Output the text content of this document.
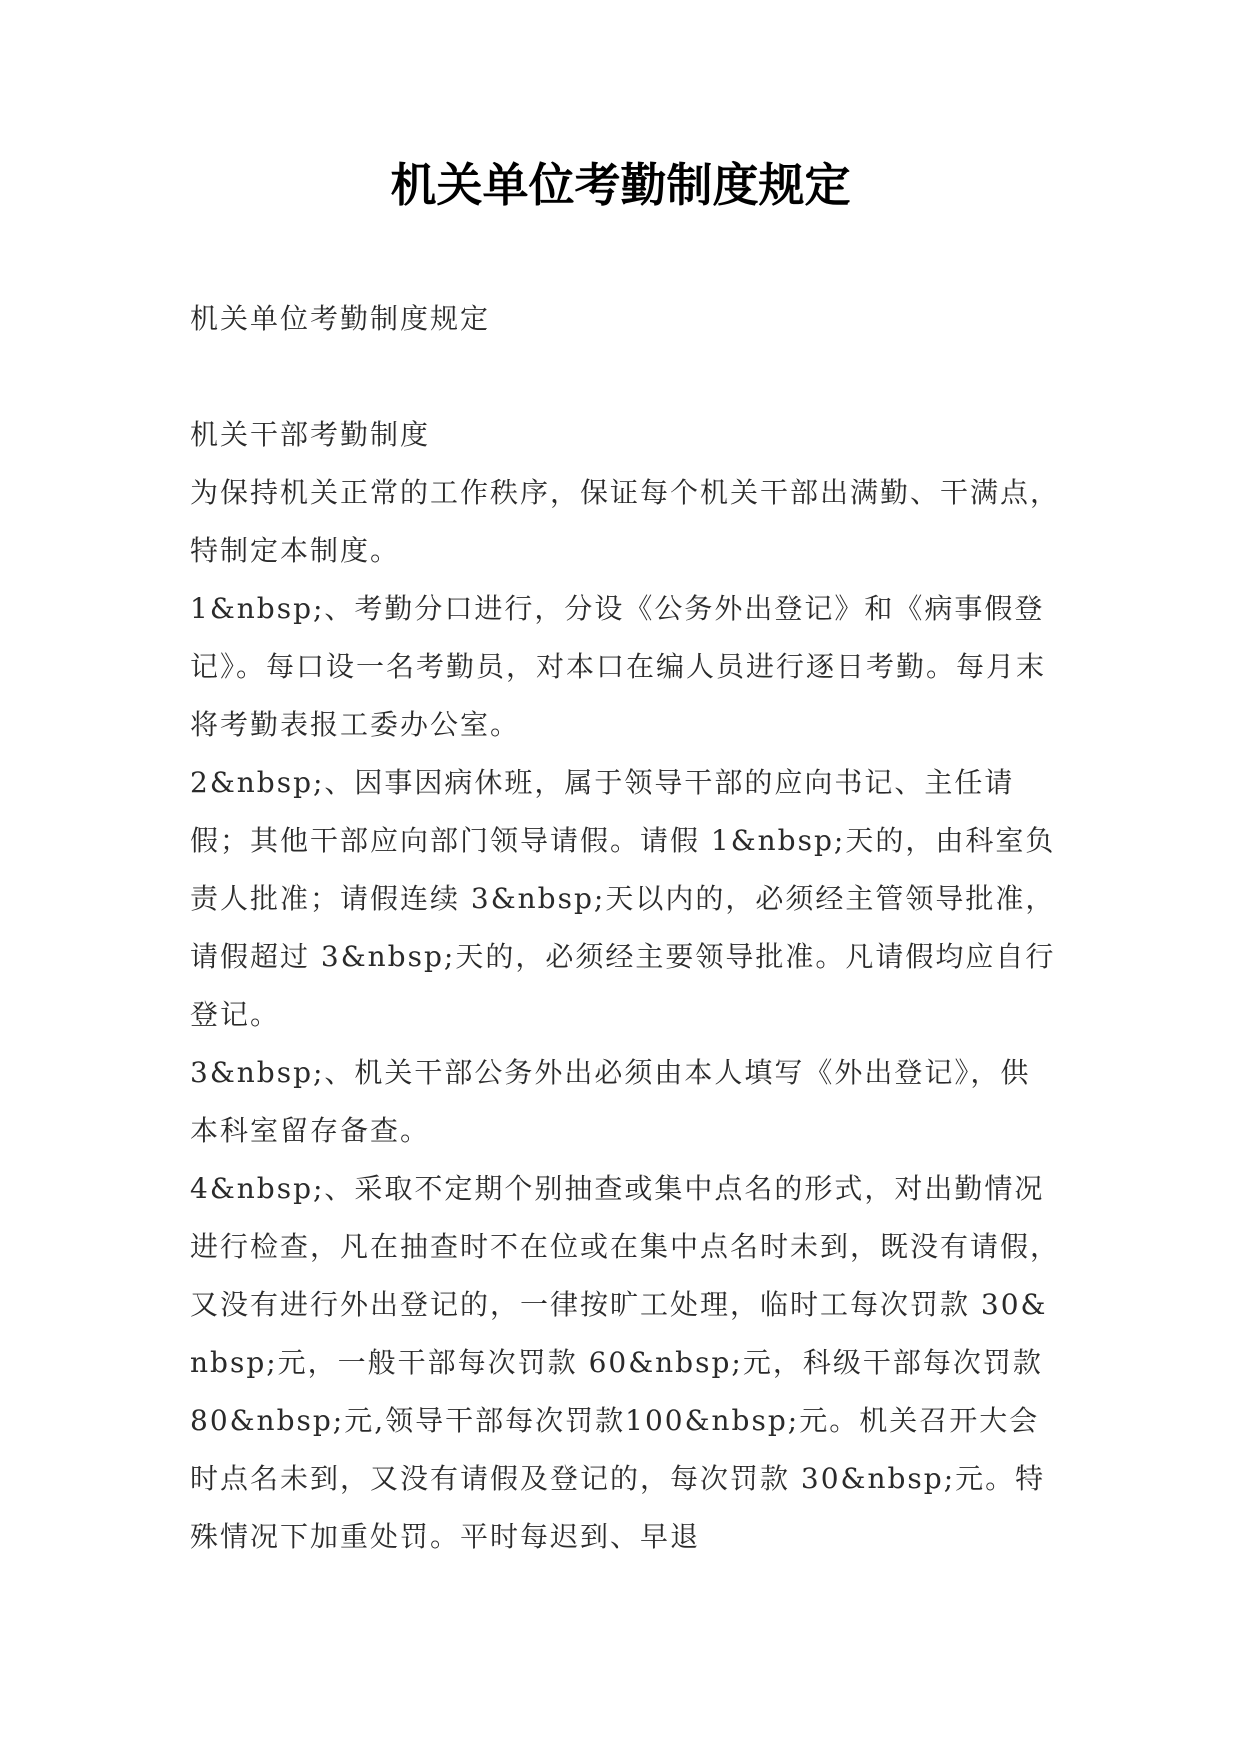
机关单位考勤制度规定

机关单位考勤制度规定

机关干部考勤制度

为保持机关正常的工作秩序，保证每个机关干部出满勤、干满点，特制定本制度。

1&nbsp;、考勤分口进行，分设《公务外出登记》和《病事假登记》。每口设一名考勤员，对本口在编人员进行逐日考勤。每月末将考勤表报工委办公室。

2&nbsp;、因事因病休班，属于领导干部的应向书记、主任请假；其他干部应向部门领导请假。请假 1&nbsp;天的，由科室负责人批准；请假连续 3&nbsp;天以内的，必须经主管领导批准，请假超过 3&nbsp;天的，必须经主要领导批准。凡请假均应自行登记。

3&nbsp;、机关干部公务外出必须由本人填写《外出登记》，供本科室留存备查。

4&nbsp;、采取不定期个别抽查或集中点名的形式，对出勤情况进行检查，凡在抽查时不在位或在集中点名时未到，既没有请假，又没有进行外出登记的，一律按旷工处理，临时工每次罚款 30&nbsp;元，一般干部每次罚款 60&nbsp;元，科级干部每次罚款80&nbsp;元,领导干部每次罚款100&nbsp;元。机关召开大会时点名未到，又没有请假及登记的，每次罚款 30&nbsp;元。特殊情况下加重处罚。平时每迟到、早退
